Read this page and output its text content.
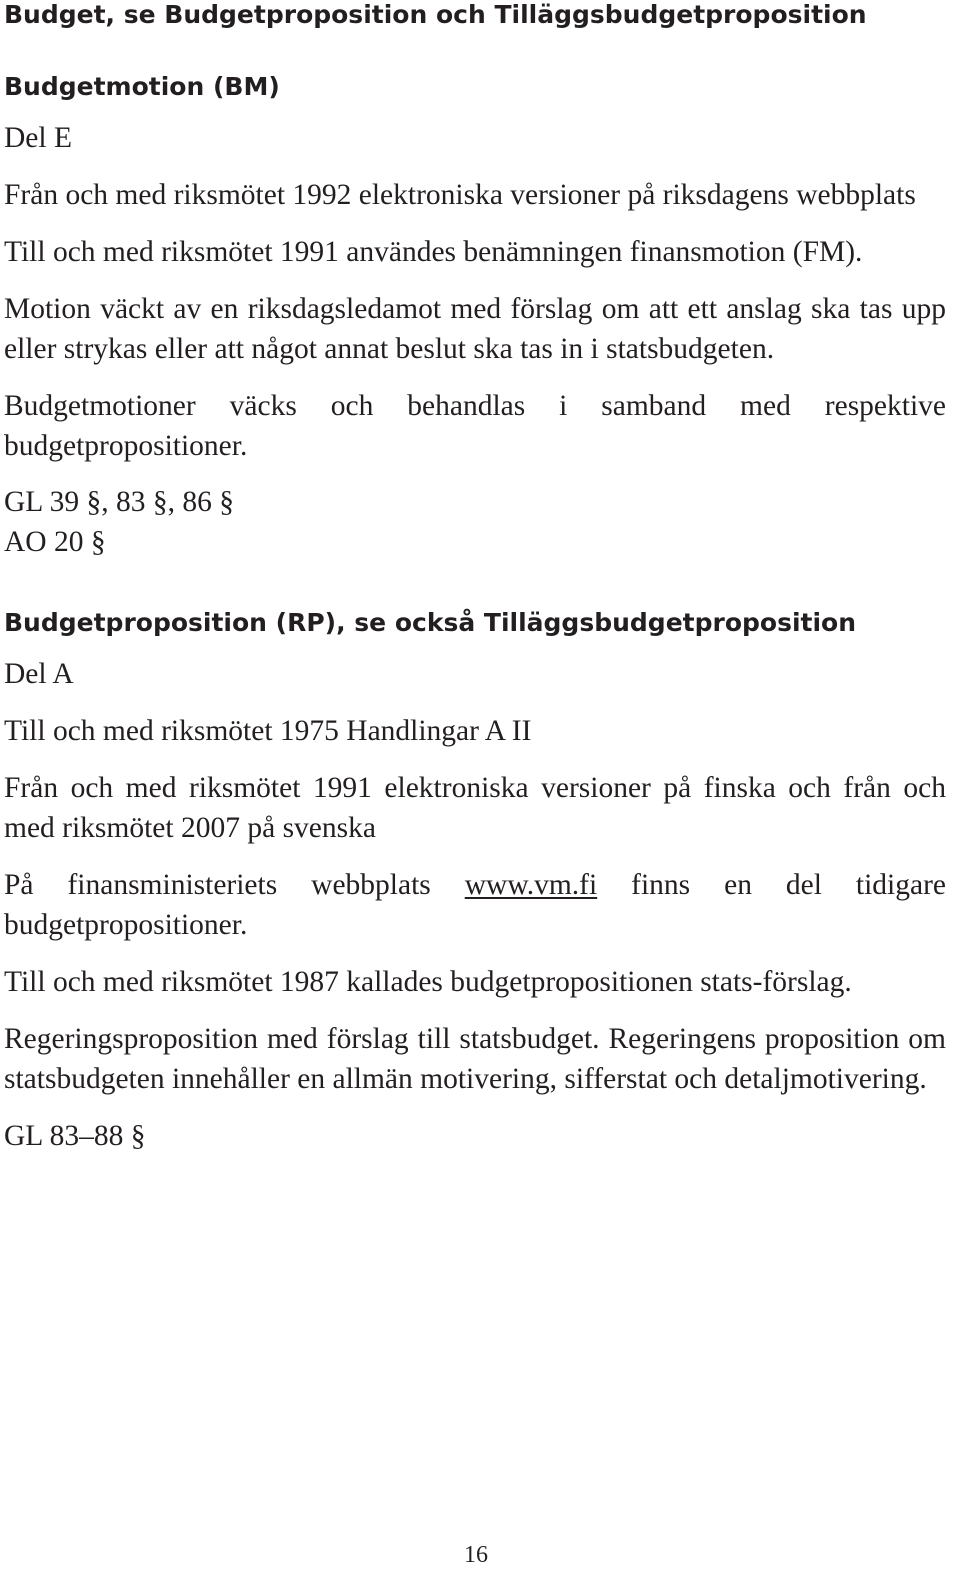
Budget, se Budgetproposition och Tilläggsbudgetproposition
Budgetmotion (BM)

Del E

Från och med riksmötet 1992 elektroniska versioner på riksdagens webbplats

Till och med riksmötet 1991 användes benämningen finansmotion (FM).

Motion väckt av en riksdagsledamot med förslag om att ett anslag ska tas upp eller strykas eller att något annat beslut ska tas in i statsbudgeten.

Budgetmotioner väcks och behandlas i samband med respektive budgetpropositioner.

GL 39 §, 83 §, 86 §

AO 20 §

Budgetproposition (RP), se också Tilläggsbudgetproposition

Del A

Till och med riksmötet 1975 Handlingar A II

Från och med riksmötet 1991 elektroniska versioner på finska och från och med riksmötet 2007 på svenska

På finansministeriets webbplats www.vm.fi finns en del tidigare budgetpropositioner.

Till och med riksmötet 1987 kallades budgetpropositionen stats-förslag.

Regeringsproposition med förslag till statsbudget. Regeringens proposition om statsbudgeten innehåller en allmän motivering, sifferstat och detaljmotivering.

GL 83–88 §

16
